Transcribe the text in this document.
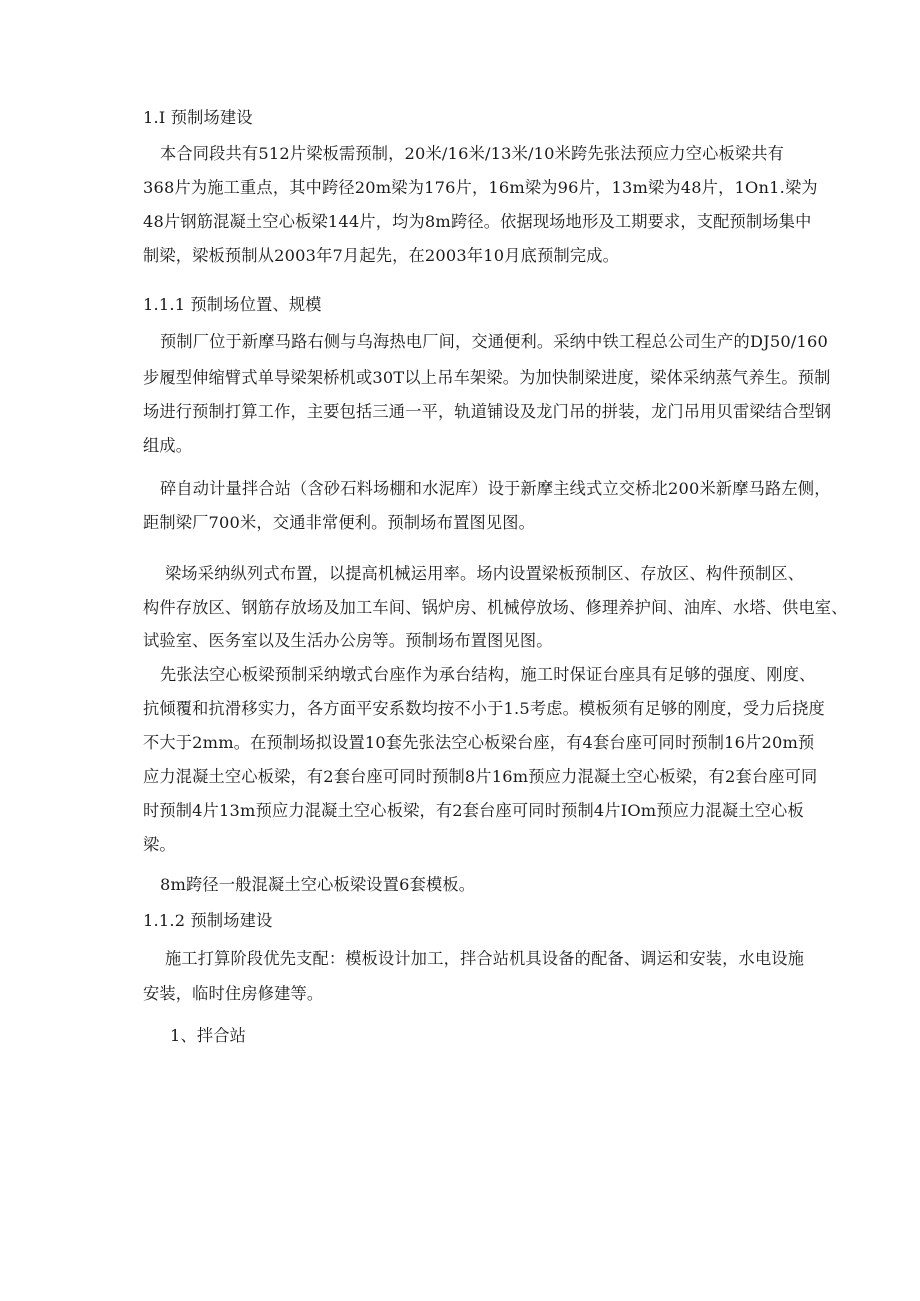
1.I 预制场建设
本合同段共有512片梁板需预制，20米/16米/13米/10米跨先张法预应力空心板梁共有
368片为施工重点，其中跨径20m梁为176片，16m梁为96片，13m梁为48片，1On1.梁为
48片钢筋混凝土空心板梁144片，均为8m跨径。依据现场地形及工期要求，支配预制场集中
制梁，梁板预制从2003年7月起先，在2003年10月底预制完成。
1.1.1 预制场位置、规模
预制厂位于新摩马路右侧与乌海热电厂间，交通便利。采纳中铁工程总公司生产的DJ50/160
步履型伸缩臂式单导梁架桥机或30T以上吊车架梁。为加快制梁进度，梁体采纳蒸气养生。预制
场进行预制打算工作，主要包括三通一平，轨道铺设及龙门吊的拼装，龙门吊用贝雷梁结合型钢
组成。
碎自动计量拌合站（含砂石料场棚和水泥库）设于新摩主线式立交桥北200米新摩马路左侧，
距制梁厂700米，交通非常便利。预制场布置图见图。
梁场采纳纵列式布置，以提高机械运用率。场内设置梁板预制区、存放区、构件预制区、
构件存放区、钢筋存放场及加工车间、锅炉房、机械停放场、修理养护间、油库、水塔、供电室、
试验室、医务室以及生活办公房等。预制场布置图见图。
先张法空心板梁预制采纳墩式台座作为承台结构，施工时保证台座具有足够的强度、刚度、
抗倾覆和抗滑移实力，各方面平安系数均按不小于1.5考虑。模板须有足够的刚度，受力后挠度
不大于2mm。在预制场拟设置10套先张法空心板梁台座，有4套台座可同时预制16片20m预
应力混凝土空心板梁，有2套台座可同时预制8片16m预应力混凝土空心板梁，有2套台座可同
时预制4片13m预应力混凝土空心板梁，有2套台座可同时预制4片IOm预应力混凝土空心板
梁。
8m跨径一般混凝土空心板梁设置6套模板。
1.1.2 预制场建设
施工打算阶段优先支配：模板设计加工，拌合站机具设备的配备、调运和安装，水电设施
安装，临时住房修建等。
1、拌合站
